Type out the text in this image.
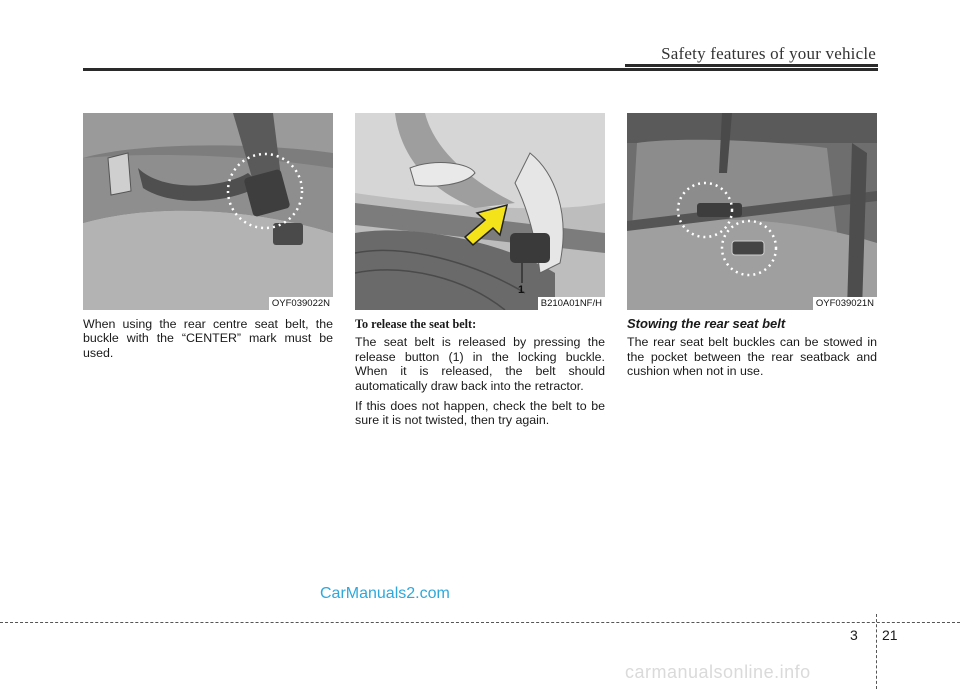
Safety features of your vehicle
OYF039022N
1
B210A01NF/H	OYF039021N

When using the rear centre seat belt, the buckle with the “CENTER” mark must be used.

To release the seat belt:

The seat belt is released by pressing the release button (1) in the locking buckle. When it is released, the belt should automatically draw back into the retractor.

If this does not happen, check the belt to be sure it is not twisted, then try again.

Stowing the rear seat belt

The rear seat belt buckles can be stowed in the pocket between the rear seatback and cushion when not in use.

CarManuals2.com
3 21
carmanualsonline.info
